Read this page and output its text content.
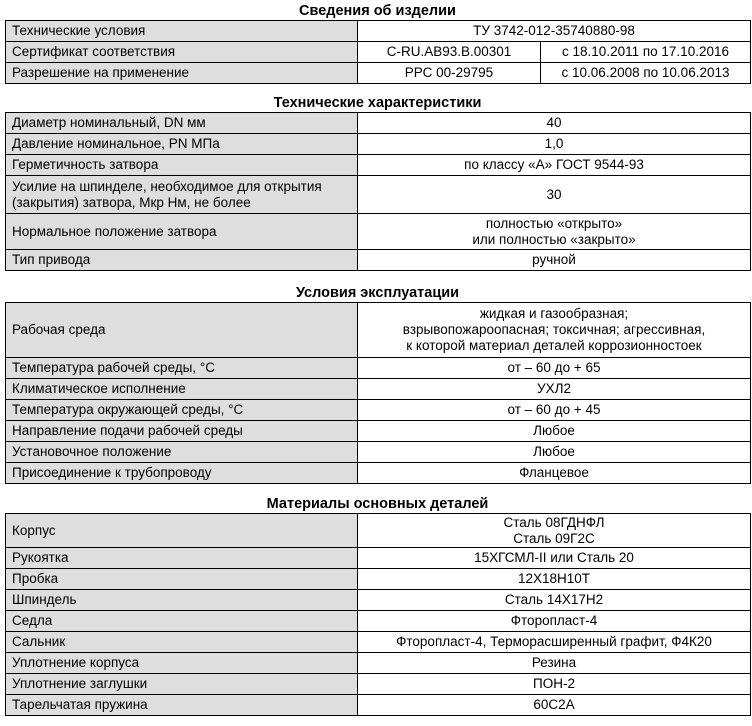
Сведения об изделии
Технические условия	ТУ 3742-012-35740880-98	
Сертификат соответствия	C-RU.АВ93.В.00301	с 18.10.2011 по 17.10.2016
Разрешение на применение	РРС 00-29795	с 10.06.2008 по 10.06.2013
Технические характеристики
Диаметр номинальный, DN мм	40
Давление номинальное, PN МПа	1,0
Герметичность затвора	по классу «А» ГОСТ 9544-93
Усилие на шпинделе, необходимое для открытия
(закрытия) затвора, Мкр Нм, не более	30
Нормальное положение затвора	полностью «открыто»
или полностью «закрыто»
Тип привода	ручной
Условия эксплуатации
Рабочая среда	жидкая и газообразная;
взрывопожароопасная; токсичная; агрессивная,
к которой материал деталей коррозионностоек
Температура рабочей среды, °С	от – 60 до + 65
Климатическое исполнение	УХЛ2
Температура окружающей среды, °С	от – 60 до + 45
Направление подачи рабочей среды	Любое
Установочное положение	Любое
Присоединение к трубопроводу	Фланцевое
Материалы основных деталей
Корпус	Сталь 08ГДНФЛ
Сталь 09Г2С
Рукоятка	15ХГСМЛ-II или Сталь 20
Пробка	12Х18Н10Т
Шпиндель	Сталь 14Х17Н2
Седла	Фторопласт-4
Сальник	Фторопласт-4, Терморасширенный графит, Ф4К20
Уплотнение корпуса	Резина
Уплотнение заглушки	ПОН-2
Тарельчатая пружина	60С2А
